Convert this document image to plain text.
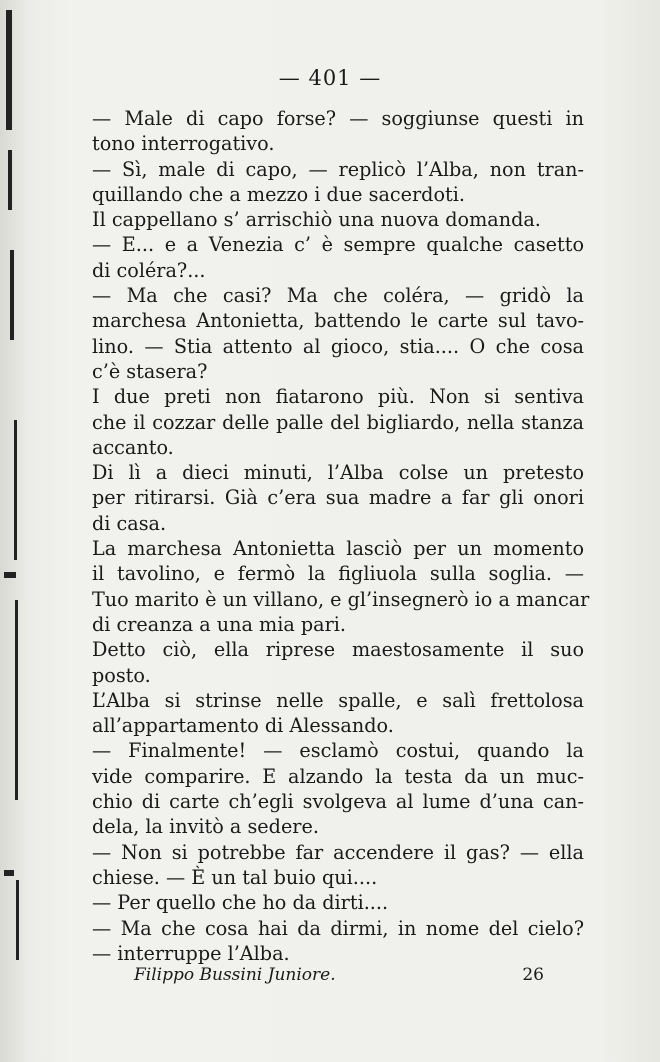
— 401 —
— Male di capo forse? — soggiunse questi in
tono interrogativo.
— Sì, male di capo, — replicò l’Alba, non tran-
quillando che a mezzo i due sacerdoti.
Il cappellano s’ arrischiò una nuova domanda.
— E... e a Venezia c’ è sempre qualche casetto
di coléra?...
— Ma che casi? Ma che coléra, — gridò la
marchesa Antonietta, battendo le carte sul tavo-
lino. — Stia attento al gioco, stia.... O che cosa
c’è stasera?
I due preti non fiatarono più. Non si sentiva
che il cozzar delle palle del bigliardo, nella stanza
accanto.
Di lì a dieci minuti, l’Alba colse un pretesto
per ritirarsi. Già c’era sua madre a far gli onori
di casa.
La marchesa Antonietta lasciò per un momento
il tavolino, e fermò la figliuola sulla soglia. —
Tuo marito è un villano, e gl’insegnerò io a mancar
di creanza a una mia pari.
Detto ciò, ella riprese maestosamente il suo
posto.
L’Alba si strinse nelle spalle, e salì frettolosa
all’appartamento di Alessando.
— Finalmente! — esclamò costui, quando la
vide comparire. E alzando la testa da un muc-
chio di carte ch’egli svolgeva al lume d’una can-
dela, la invitò a sedere.
— Non si potrebbe far accendere il gas? — ella
chiese. — È un tal buio qui....
— Per quello che ho da dirti....
— Ma che cosa hai da dirmi, in nome del cielo?
— interruppe l’Alba.
Filippo Bussini Juniore.	26
